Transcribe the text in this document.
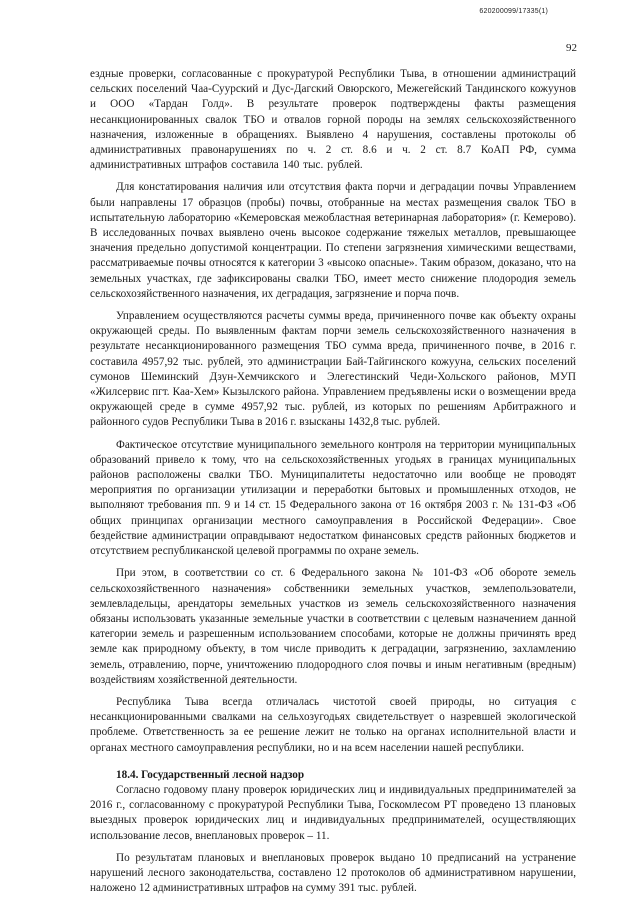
620200099/17335(1)
92

ездные проверки, согласованные с прокуратурой Республики Тыва, в отношении администраций сельских поселений Чаа-Суурский и Дус-Дагский Овюрского, Межегейский Тандинского кожуунов и ООО «Тардан Голд». В результате проверок подтверждены факты размещения несанкционированных свалок ТБО и отвалов горной породы на землях сельскохозяйственного назначения, изложенные в обращениях. Выявлено 4 нарушения, составлены протоколы об административных правонарушениях по ч. 2 ст. 8.6 и ч. 2 ст. 8.7 КоАП РФ, сумма административных штрафов составила 140 тыс. рублей.

Для констатирования наличия или отсутствия факта порчи и деградации почвы Управлением были направлены 17 образцов (пробы) почвы, отобранные на местах размещения свалок ТБО в испытательную лабораторию «Кемеровская межобластная ветеринарная лаборатория» (г. Кемерово). В исследованных почвах выявлено очень высокое содержание тяжелых металлов, превышающее значения предельно допустимой концентрации. По степени загрязнения химическими веществами, рассматриваемые почвы относятся к категории 3 «высоко опасные». Таким образом, доказано, что на земельных участках, где зафиксированы свалки ТБО, имеет место снижение плодородия земель сельскохозяйственного назначения, их деградация, загрязнение и порча почв.

Управлением осуществляются расчеты суммы вреда, причиненного почве как объекту охраны окружающей среды. По выявленным фактам порчи земель сельскохозяйственного назначения в результате несанкционированного размещения ТБО сумма вреда, причиненного почве, в 2016 г. составила 4957,92 тыс. рублей, это администрации Бай-Тайгинского кожууна, сельских поселений сумонов Шеминский Дзун-Хемчикского и Элегестинский Чеди-Хольского районов, МУП «Жилсервис пгт. Каа-Хем» Кызылского района. Управлением предъявлены иски о возмещении вреда окружающей среде в сумме 4957,92 тыс. рублей, из которых по решениям Арбитражного и районного судов Республики Тыва в 2016 г. взысканы 1432,8 тыс. рублей.

Фактическое отсутствие муниципального земельного контроля на территории муниципальных образований привело к тому, что на сельскохозяйственных угодьях в границах муниципальных районов расположены свалки ТБО. Муниципалитеты недостаточно или вообще не проводят мероприятия по организации утилизации и переработки бытовых и промышленных отходов, не выполняют требования пп. 9 и 14 ст. 15 Федерального закона от 16 октября 2003 г. № 131-ФЗ «Об общих принципах организации местного самоуправления в Российской Федерации». Свое бездействие администрации оправдывают недостатком финансовых средств районных бюджетов и отсутствием республиканской целевой программы по охране земель.

При этом, в соответствии со ст. 6 Федерального закона № 101-ФЗ «Об обороте земель сельскохозяйственного назначения» собственники земельных участков, землепользователи, землевладельцы, арендаторы земельных участков из земель сельскохозяйственного назначения обязаны использовать указанные земельные участки в соответствии с целевым назначением данной категории земель и разрешенным использованием способами, которые не должны причинять вред земле как природному объекту, в том числе приводить к деградации, загрязнению, захламлению земель, отравлению, порче, уничтожению плодородного слоя почвы и иным негативным (вредным) воздействиям хозяйственной деятельности.

Республика Тыва всегда отличалась чистотой своей природы, но ситуация с несанкционированными свалками на сельхозугодьях свидетельствует о назревшей экологической проблеме. Ответственность за ее решение лежит не только на органах исполнительной власти и органах местного самоуправления республики, но и на всем населении нашей республики.

18.4. Государственный лесной надзор

Согласно годовому плану проверок юридических лиц и индивидуальных предпринимателей за 2016 г., согласованному с прокуратурой Республики Тыва, Госкомлесом РТ проведено 13 плановых выездных проверок юридических лиц и индивидуальных предпринимателей, осуществляющих использование лесов, внеплановых проверок – 11.

По результатам плановых и внеплановых проверок выдано 10 предписаний на устранение нарушений лесного законодательства, составлено 12 протоколов об административном нарушении, наложено 12 административных штрафов на сумму 391 тыс. рублей.
